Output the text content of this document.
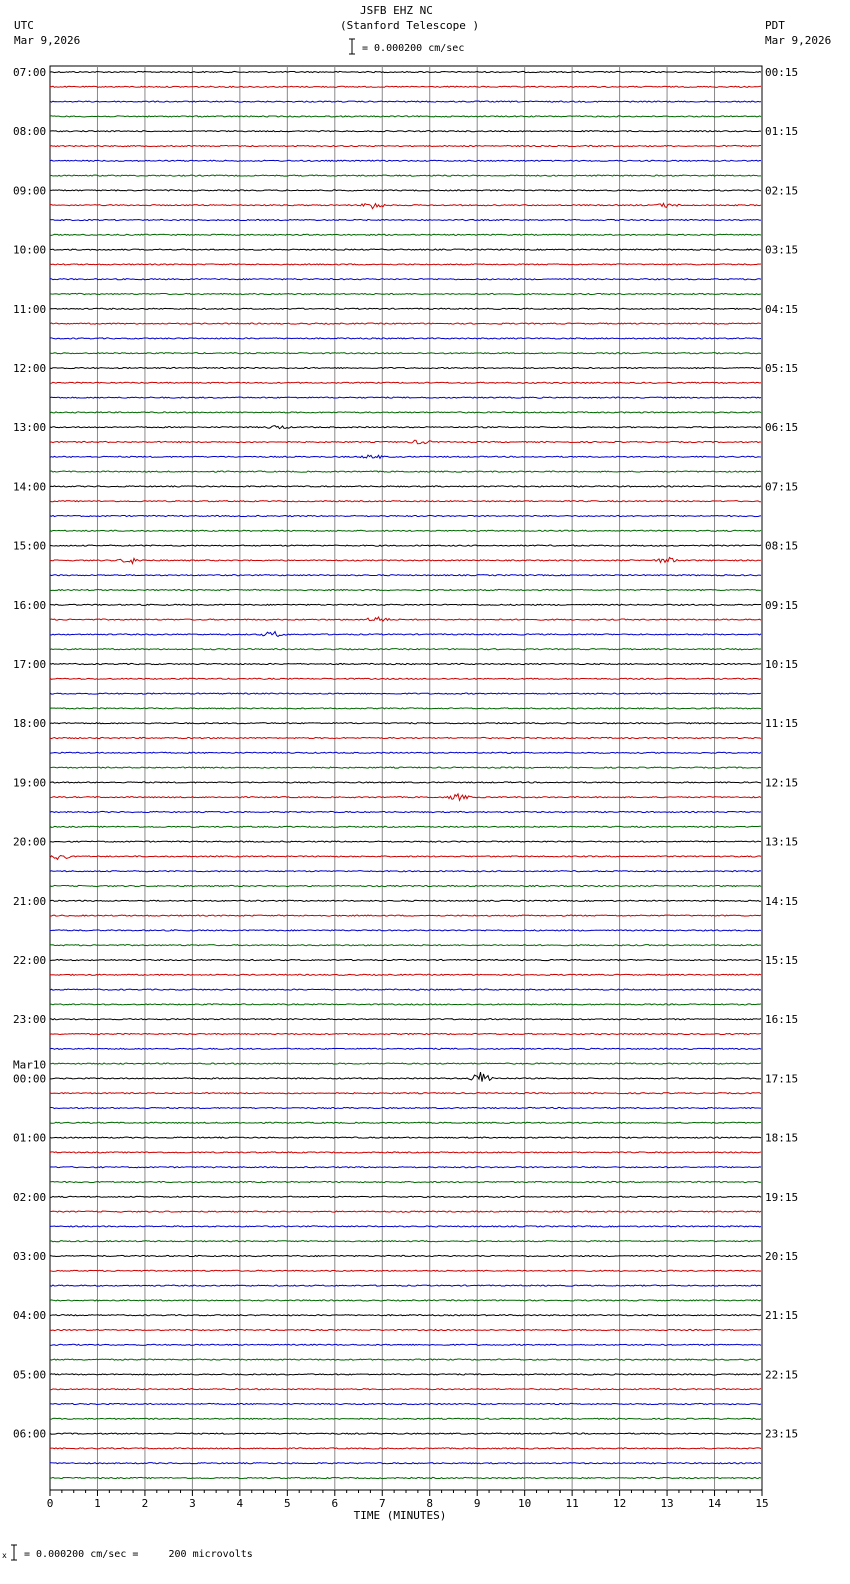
JSFB EHZ NC
(Stanford Telescope )
UTC
Mar 9,2026
PDT
Mar 9,2026
= 0.000200 cm/sec
07:00
08:00
09:00
10:00
11:00
12:00
13:00
14:00
15:00
16:00
17:00
18:00
19:00
20:00
21:00
22:00
23:00
00:00
Mar10
01:00
02:00
03:00
04:00
05:00
06:00
00:15
01:15
02:15
03:15
04:15
05:15
06:15
07:15
08:15
09:15
10:15
11:15
12:15
13:15
14:15
15:15
16:15
17:15
18:15
19:15
20:15
21:15
22:15
23:15
0	1	2	3	4	5	6	7	8	9	10	11	12	13	14	15
TIME (MINUTES)
x = 0.000200 cm/sec =     200 microvolts
